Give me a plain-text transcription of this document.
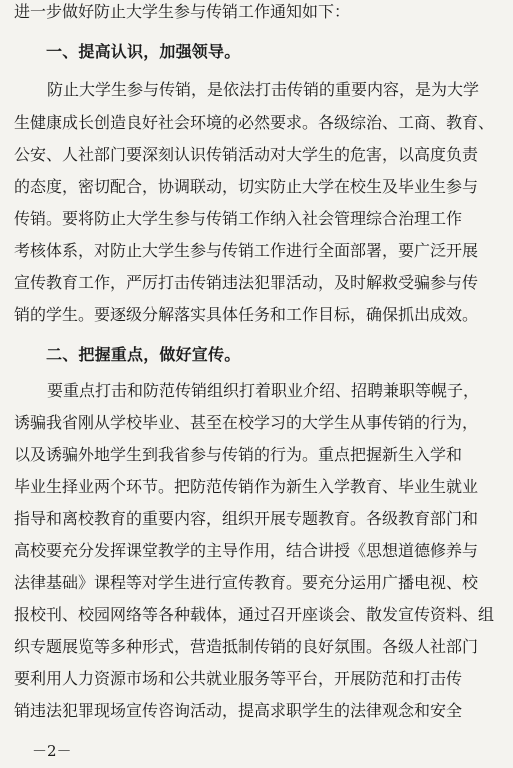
进一步做好防止大学生参与传销工作通知如下：
一、提高认识，加强领导。
防止大学生参与传销，是依法打击传销的重要内容，是为大学
生健康成长创造良好社会环境的必然要求。各级综治、工商、教育、
公安、人社部门要深刻认识传销活动对大学生的危害，以高度负责
的态度，密切配合，协调联动，切实防止大学在校生及毕业生参与
传销。要将防止大学生参与传销工作纳入社会管理综合治理工作
考核体系，对防止大学生参与传销工作进行全面部署，要广泛开展
宣传教育工作，严厉打击传销违法犯罪活动，及时解救受骗参与传
销的学生。要逐级分解落实具体任务和工作目标，确保抓出成效。
二、把握重点，做好宣传。
要重点打击和防范传销组织打着职业介绍、招聘兼职等幌子，
诱骗我省刚从学校毕业、甚至在校学习的大学生从事传销的行为，
以及诱骗外地学生到我省参与传销的行为。重点把握新生入学和
毕业生择业两个环节。把防范传销作为新生入学教育、毕业生就业
指导和离校教育的重要内容，组织开展专题教育。各级教育部门和
高校要充分发挥课堂教学的主导作用，结合讲授《思想道德修养与
法律基础》课程等对学生进行宣传教育。要充分运用广播电视、校
报校刊、校园网络等各种载体，通过召开座谈会、散发宣传资料、组
织专题展览等多种形式，营造抵制传销的良好氛围。各级人社部门
要利用人力资源市场和公共就业服务等平台，开展防范和打击传
销违法犯罪现场宣传咨询活动，提高求职学生的法律观念和安全
－2－
